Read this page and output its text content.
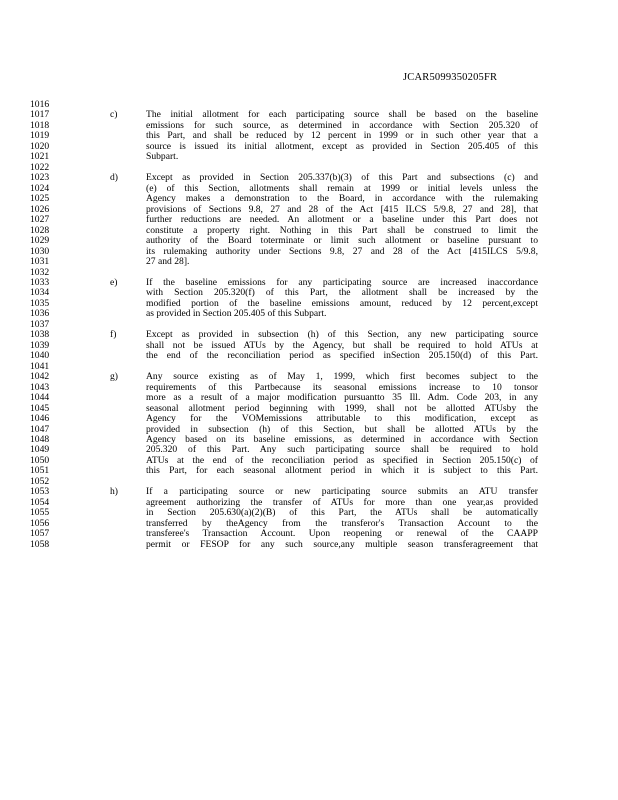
JCAR5099350205FR
1016
1017	c)	The initial allotment for each participating source shall be based on the baseline
1018	emissions for such source, as determined in accordance with Section 205.320 of
1019	this Part, and shall be reduced by 12 percent in 1999 or in such other year that a
1020	source is issued its initial allotment, except as provided in Section 205.405 of this
1021	Subpart.
1022
1023	d)	Except as provided in Section 205.337(b)(3) of this Part and subsections (c) and
1024	(e) of this Section, allotments shall remain at 1999 or initial levels unless the
1025	Agency makes a demonstration to the Board, in accordance with the rulemaking
1026	provisions of Sections 9.8, 27 and 28 of the Act [415 ILCS 5/9.8, 27 and 28], that
1027	further reductions are needed. An allotment or a baseline under this Part does not
1028	constitute a property right. Nothing in this Part shall be construed to limit the
1029	authority of the Board toterminate or limit such allotment or baseline pursuant to
1030	its rulemaking authority under Sections 9.8, 27 and 28 of the Act [415ILCS 5/9.8,
1031	27 and 28].
1032
1033	e)	If the baseline emissions for any participating source are increased inaccordance
1034	with Section 205.320(f) of this Part, the allotment shall be increased by the
1035	modified portion of the baseline emissions amount, reduced by 12 percent,except
1036	as provided in Section 205.405 of this Subpart.
1037
1038	f)	Except as provided in subsection (h) of this Section, any new participating source
1039	shall not be issued ATUs by the Agency, but shall be required to hold ATUs at
1040	the end of the reconciliation period as specified inSection 205.150(d) of this Part.
1041
1042	g)	Any source existing as of May 1, 1999, which first becomes subject to the
1043	requirements of this Partbecause its seasonal emissions increase to 10 tonsor
1044	more as a result of a major modification pursuantto 35 Ill. Adm. Code 203, in any
1045	seasonal allotment period beginning with 1999, shall not be allotted ATUsby the
1046	Agency for the VOMemissions attributable to this modification, except as
1047	provided in subsection (h) of this Section, but shall be allotted ATUs by the
1048	Agency based on its baseline emissions, as determined in accordance with Section
1049	205.320 of this Part. Any such participating source shall be required to hold
1050	ATUs at the end of the reconciliation period as specified in Section 205.150(c) of
1051	this Part, for each seasonal allotment period in which it is subject to this Part.
1052
1053	h)	If a participating source or new participating source submits an ATU transfer
1054	agreement authorizing the transfer of ATUs for more than one year,as provided
1055	in Section 205.630(a)(2)(B) of this Part, the ATUs shall be automatically
1056	transferred by theAgency from the transferor's Transaction Account to the
1057	transferee's Transaction Account. Upon reopening or renewal of the CAAPP
1058	permit or FESOP for any such source,any multiple season transferagreement that
